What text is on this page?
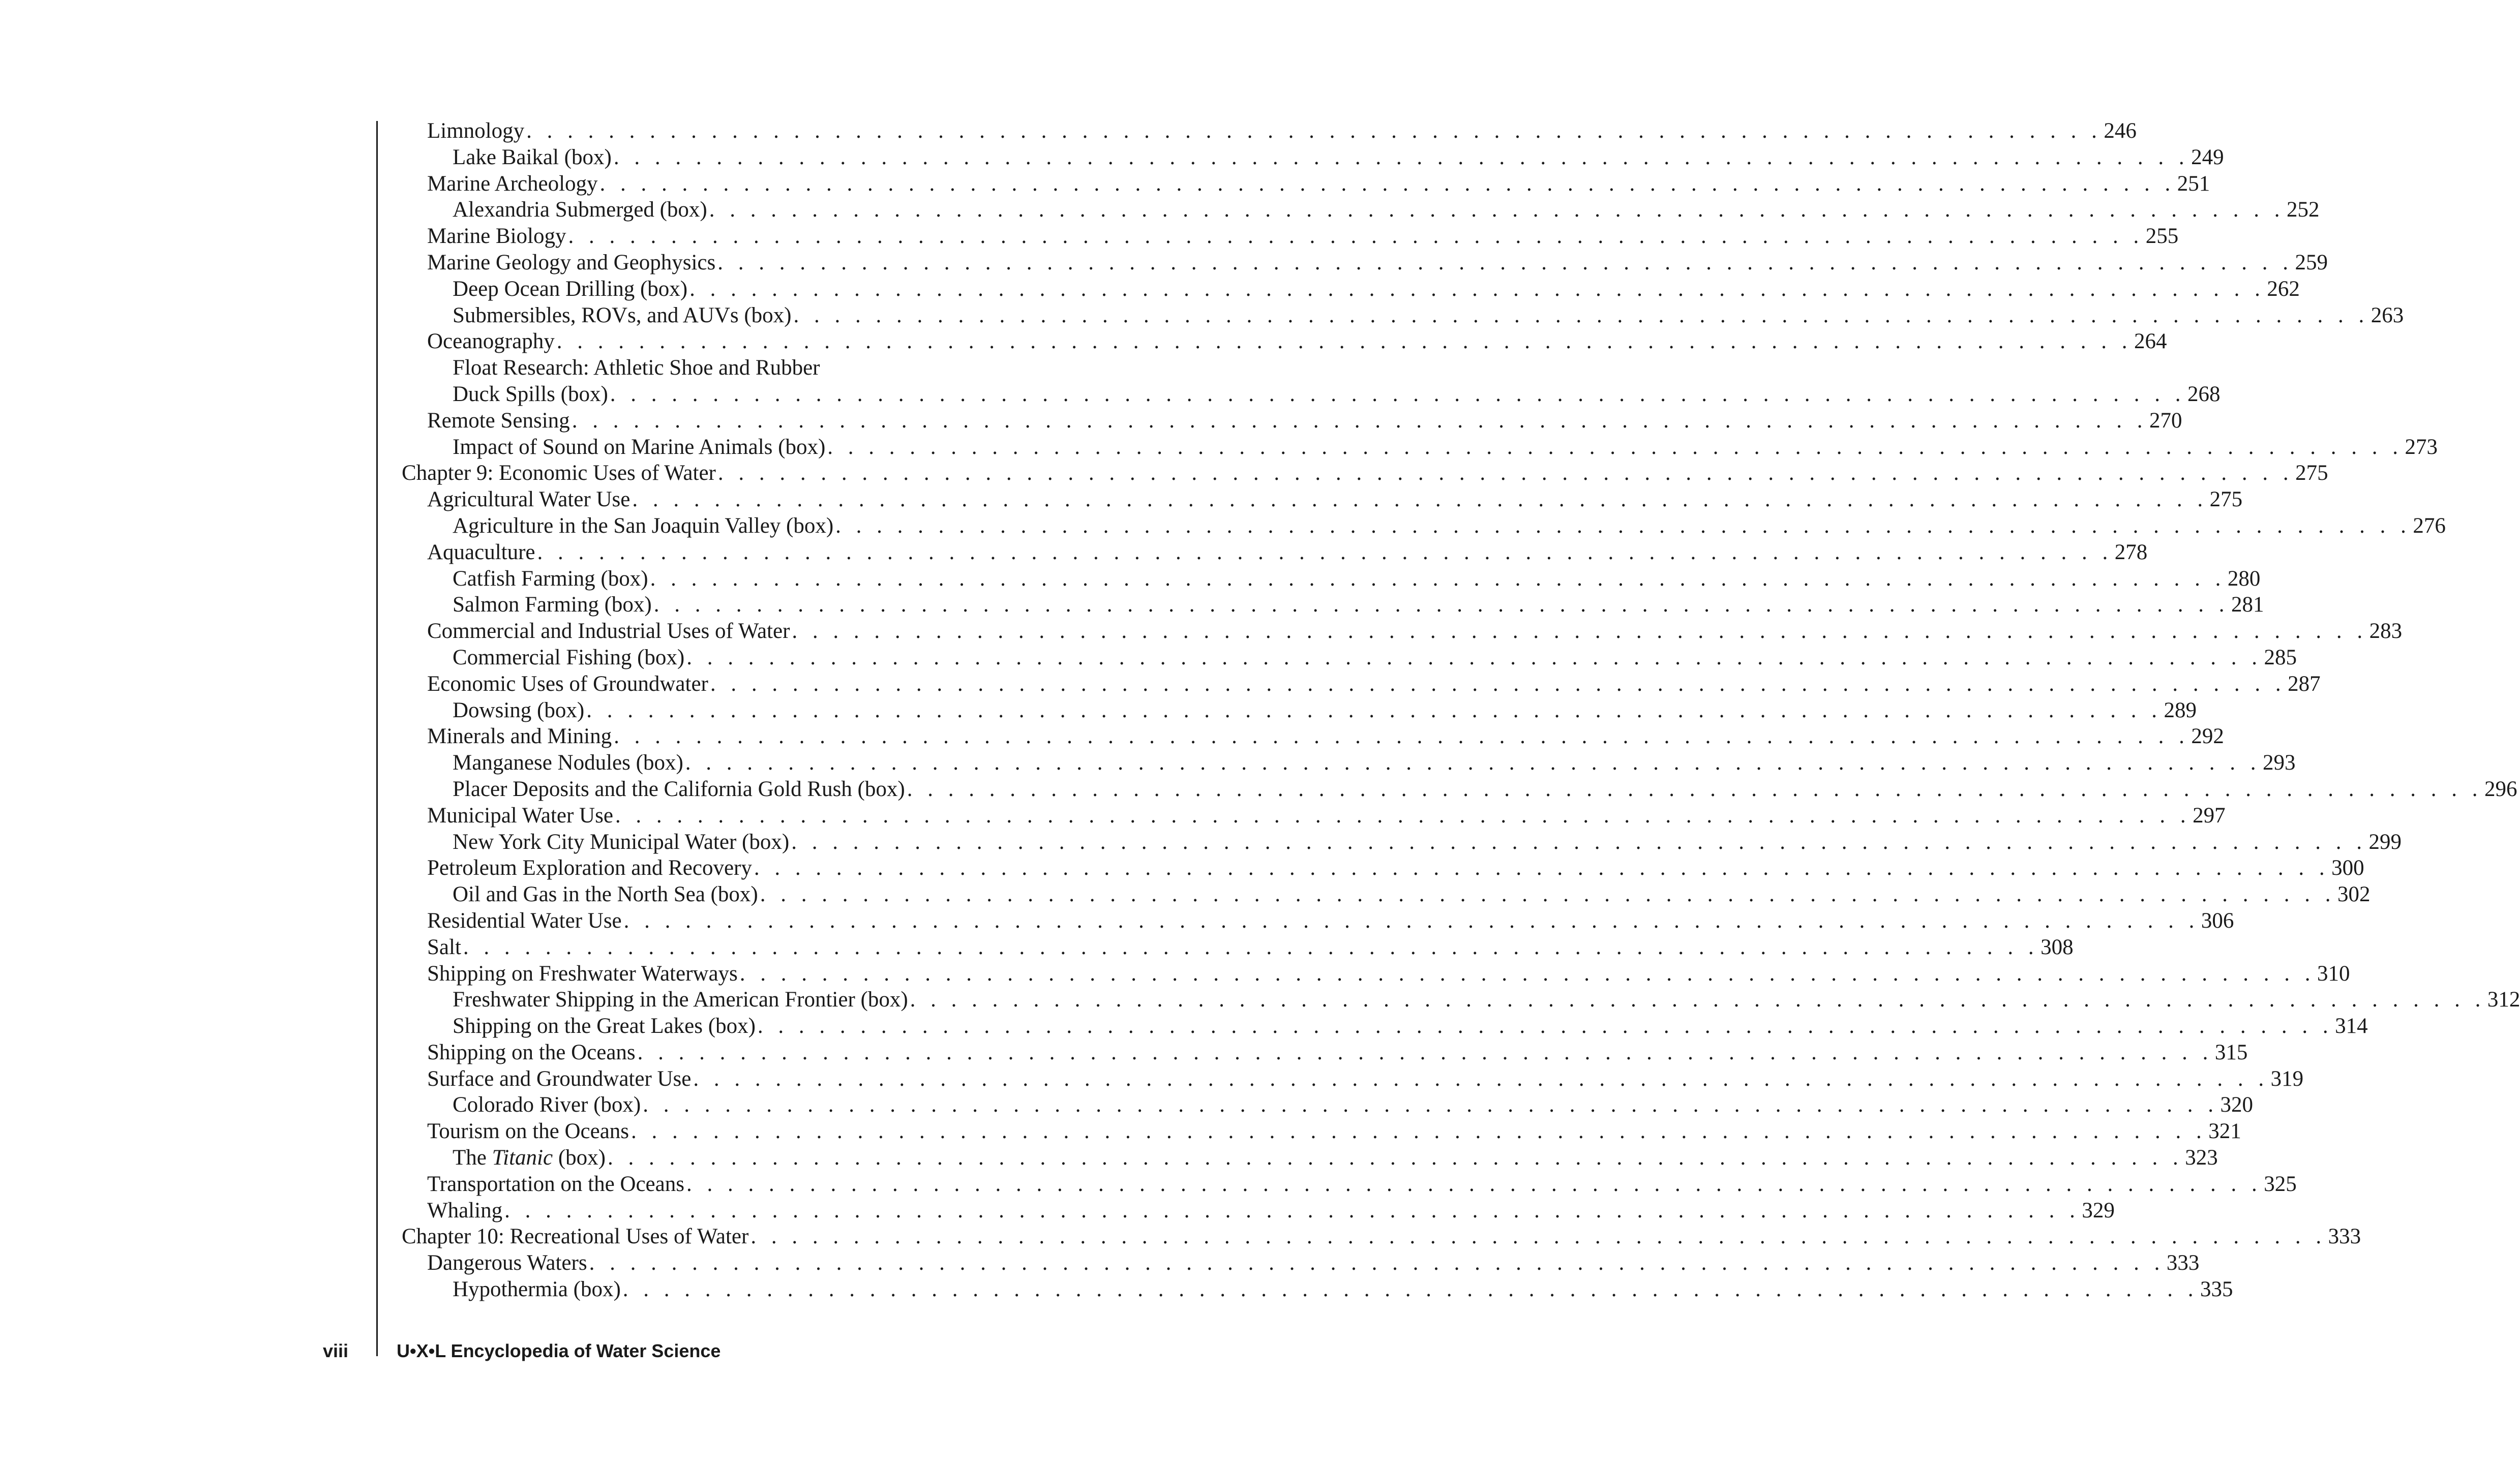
Limnology . . . . . . . . . . . . . . . . . . . . . . . . . . . . . . . . . . . . . . . . . . . . . . . . . . . . . . . . . . . . . . . . . . . . . . . . . . . . . 246
Lake Baikal (box) . . . . . . . . . . . . . . . . . . . . . . . . . . . . . . . . . . . . . . . . . . . . . . . . . . . . . . . . . . . . . . . . . . . . . . . . . . . . . 249
Marine Archeology . . . . . . . . . . . . . . . . . . . . . . . . . . . . . . . . . . . . . . . . . . . . . . . . . . . . . . . . . . . . . . . . . . . . . . . . . . . . . 251
Alexandria Submerged (box) . . . . . . . . . . . . . . . . . . . . . . . . . . . . . . . . . . . . . . . . . . . . . . . . . . . . . . . . . . . . . . . . . . . . . . . . . . . . . 252
Marine Biology . . . . . . . . . . . . . . . . . . . . . . . . . . . . . . . . . . . . . . . . . . . . . . . . . . . . . . . . . . . . . . . . . . . . . . . . . . . . . 255
Marine Geology and Geophysics . . . . . . . . . . . . . . . . . . . . . . . . . . . . . . . . . . . . . . . . . . . . . . . . . . . . . . . . . . . . . . . . . . . . . . . . . . . . . 259
Deep Ocean Drilling (box) . . . . . . . . . . . . . . . . . . . . . . . . . . . . . . . . . . . . . . . . . . . . . . . . . . . . . . . . . . . . . . . . . . . . . . . . . . . . . 262
Submersibles, ROVs, and AUVs (box) . . . . . . . . . . . . . . . . . . . . . . . . . . . . . . . . . . . . . . . . . . . . . . . . . . . . . . . . . . . . . . . . . . . . . . . . . . . . . 263
Oceanography . . . . . . . . . . . . . . . . . . . . . . . . . . . . . . . . . . . . . . . . . . . . . . . . . . . . . . . . . . . . . . . . . . . . . . . . . . . . . 264
Float Research: Athletic Shoe and Rubber
Duck Spills (box) . . . . . . . . . . . . . . . . . . . . . . . . . . . . . . . . . . . . . . . . . . . . . . . . . . . . . . . . . . . . . . . . . . . . . . . . . . . . . 268
Remote Sensing . . . . . . . . . . . . . . . . . . . . . . . . . . . . . . . . . . . . . . . . . . . . . . . . . . . . . . . . . . . . . . . . . . . . . . . . . . . . . 270
Impact of Sound on Marine Animals (box) . . . . . . . . . . . . . . . . . . . . . . . . . . . . . . . . . . . . . . . . . . . . . . . . . . . . . . . . . . . . . . . . . . . . . . . . . . . . . 273
Chapter 9: Economic Uses of Water . . . . . . . . . . . . . . . . . . . . . . . . . . . . . . . . . . . . . . . . . . . . . . . . . . . . . . . . . . . . . . . . . . . . . . . . . . . . . 275
Agricultural Water Use . . . . . . . . . . . . . . . . . . . . . . . . . . . . . . . . . . . . . . . . . . . . . . . . . . . . . . . . . . . . . . . . . . . . . . . . . . . . . 275
Agriculture in the San Joaquin Valley (box) . . . . . . . . . . . . . . . . . . . . . . . . . . . . . . . . . . . . . . . . . . . . . . . . . . . . . . . . . . . . . . . . . . . . . . . . . . . . . 276
Aquaculture . . . . . . . . . . . . . . . . . . . . . . . . . . . . . . . . . . . . . . . . . . . . . . . . . . . . . . . . . . . . . . . . . . . . . . . . . . . . . 278
Catfish Farming (box) . . . . . . . . . . . . . . . . . . . . . . . . . . . . . . . . . . . . . . . . . . . . . . . . . . . . . . . . . . . . . . . . . . . . . . . . . . . . . 280
Salmon Farming (box) . . . . . . . . . . . . . . . . . . . . . . . . . . . . . . . . . . . . . . . . . . . . . . . . . . . . . . . . . . . . . . . . . . . . . . . . . . . . . 281
Commercial and Industrial Uses of Water . . . . . . . . . . . . . . . . . . . . . . . . . . . . . . . . . . . . . . . . . . . . . . . . . . . . . . . . . . . . . . . . . . . . . . . . . . . . . 283
Commercial Fishing (box) . . . . . . . . . . . . . . . . . . . . . . . . . . . . . . . . . . . . . . . . . . . . . . . . . . . . . . . . . . . . . . . . . . . . . . . . . . . . . 285
Economic Uses of Groundwater . . . . . . . . . . . . . . . . . . . . . . . . . . . . . . . . . . . . . . . . . . . . . . . . . . . . . . . . . . . . . . . . . . . . . . . . . . . . . 287
Dowsing (box) . . . . . . . . . . . . . . . . . . . . . . . . . . . . . . . . . . . . . . . . . . . . . . . . . . . . . . . . . . . . . . . . . . . . . . . . . . . . . 289
Minerals and Mining . . . . . . . . . . . . . . . . . . . . . . . . . . . . . . . . . . . . . . . . . . . . . . . . . . . . . . . . . . . . . . . . . . . . . . . . . . . . . 292
Manganese Nodules (box) . . . . . . . . . . . . . . . . . . . . . . . . . . . . . . . . . . . . . . . . . . . . . . . . . . . . . . . . . . . . . . . . . . . . . . . . . . . . . 293
Placer Deposits and the California Gold Rush (box) . . . . . . . . . . . . . . . . . . . . . . . . . . . . . . . . . . . . . . . . . . . . . . . . . . . . . . . . . . . . . . . . . . . . . . . . . . . . . 296
Municipal Water Use . . . . . . . . . . . . . . . . . . . . . . . . . . . . . . . . . . . . . . . . . . . . . . . . . . . . . . . . . . . . . . . . . . . . . . . . . . . . . 297
New York City Municipal Water (box) . . . . . . . . . . . . . . . . . . . . . . . . . . . . . . . . . . . . . . . . . . . . . . . . . . . . . . . . . . . . . . . . . . . . . . . . . . . . . 299
Petroleum Exploration and Recovery . . . . . . . . . . . . . . . . . . . . . . . . . . . . . . . . . . . . . . . . . . . . . . . . . . . . . . . . . . . . . . . . . . . . . . . . . . . . . 300
Oil and Gas in the North Sea (box) . . . . . . . . . . . . . . . . . . . . . . . . . . . . . . . . . . . . . . . . . . . . . . . . . . . . . . . . . . . . . . . . . . . . . . . . . . . . . 302
Residential Water Use . . . . . . . . . . . . . . . . . . . . . . . . . . . . . . . . . . . . . . . . . . . . . . . . . . . . . . . . . . . . . . . . . . . . . . . . . . . . . 306
Salt . . . . . . . . . . . . . . . . . . . . . . . . . . . . . . . . . . . . . . . . . . . . . . . . . . . . . . . . . . . . . . . . . . . . . . . . . . . . . 308
Shipping on Freshwater Waterways . . . . . . . . . . . . . . . . . . . . . . . . . . . . . . . . . . . . . . . . . . . . . . . . . . . . . . . . . . . . . . . . . . . . . . . . . . . . . 310
Freshwater Shipping in the American Frontier (box) . . . . . . . . . . . . . . . . . . . . . . . . . . . . . . . . . . . . . . . . . . . . . . . . . . . . . . . . . . . . . . . . . . . . . . . . . . . . . 312
Shipping on the Great Lakes (box) . . . . . . . . . . . . . . . . . . . . . . . . . . . . . . . . . . . . . . . . . . . . . . . . . . . . . . . . . . . . . . . . . . . . . . . . . . . . . 314
Shipping on the Oceans . . . . . . . . . . . . . . . . . . . . . . . . . . . . . . . . . . . . . . . . . . . . . . . . . . . . . . . . . . . . . . . . . . . . . . . . . . . . . 315
Surface and Groundwater Use . . . . . . . . . . . . . . . . . . . . . . . . . . . . . . . . . . . . . . . . . . . . . . . . . . . . . . . . . . . . . . . . . . . . . . . . . . . . . 319
Colorado River (box) . . . . . . . . . . . . . . . . . . . . . . . . . . . . . . . . . . . . . . . . . . . . . . . . . . . . . . . . . . . . . . . . . . . . . . . . . . . . . 320
Tourism on the Oceans . . . . . . . . . . . . . . . . . . . . . . . . . . . . . . . . . . . . . . . . . . . . . . . . . . . . . . . . . . . . . . . . . . . . . . . . . . . . . 321
The Titanic (box) . . . . . . . . . . . . . . . . . . . . . . . . . . . . . . . . . . . . . . . . . . . . . . . . . . . . . . . . . . . . . . . . . . . . . . . . . . . . . 323
Transportation on the Oceans . . . . . . . . . . . . . . . . . . . . . . . . . . . . . . . . . . . . . . . . . . . . . . . . . . . . . . . . . . . . . . . . . . . . . . . . . . . . . 325
Whaling . . . . . . . . . . . . . . . . . . . . . . . . . . . . . . . . . . . . . . . . . . . . . . . . . . . . . . . . . . . . . . . . . . . . . . . . . . . . . 329
Chapter 10: Recreational Uses of Water . . . . . . . . . . . . . . . . . . . . . . . . . . . . . . . . . . . . . . . . . . . . . . . . . . . . . . . . . . . . . . . . . . . . . . . . . . . . . 333
Dangerous Waters . . . . . . . . . . . . . . . . . . . . . . . . . . . . . . . . . . . . . . . . . . . . . . . . . . . . . . . . . . . . . . . . . . . . . . . . . . . . . 333
Hypothermia (box) . . . . . . . . . . . . . . . . . . . . . . . . . . . . . . . . . . . . . . . . . . . . . . . . . . . . . . . . . . . . . . . . . . . . . . . . . . . . . 335
viii	U•X•L Encyclopedia of Water Science
